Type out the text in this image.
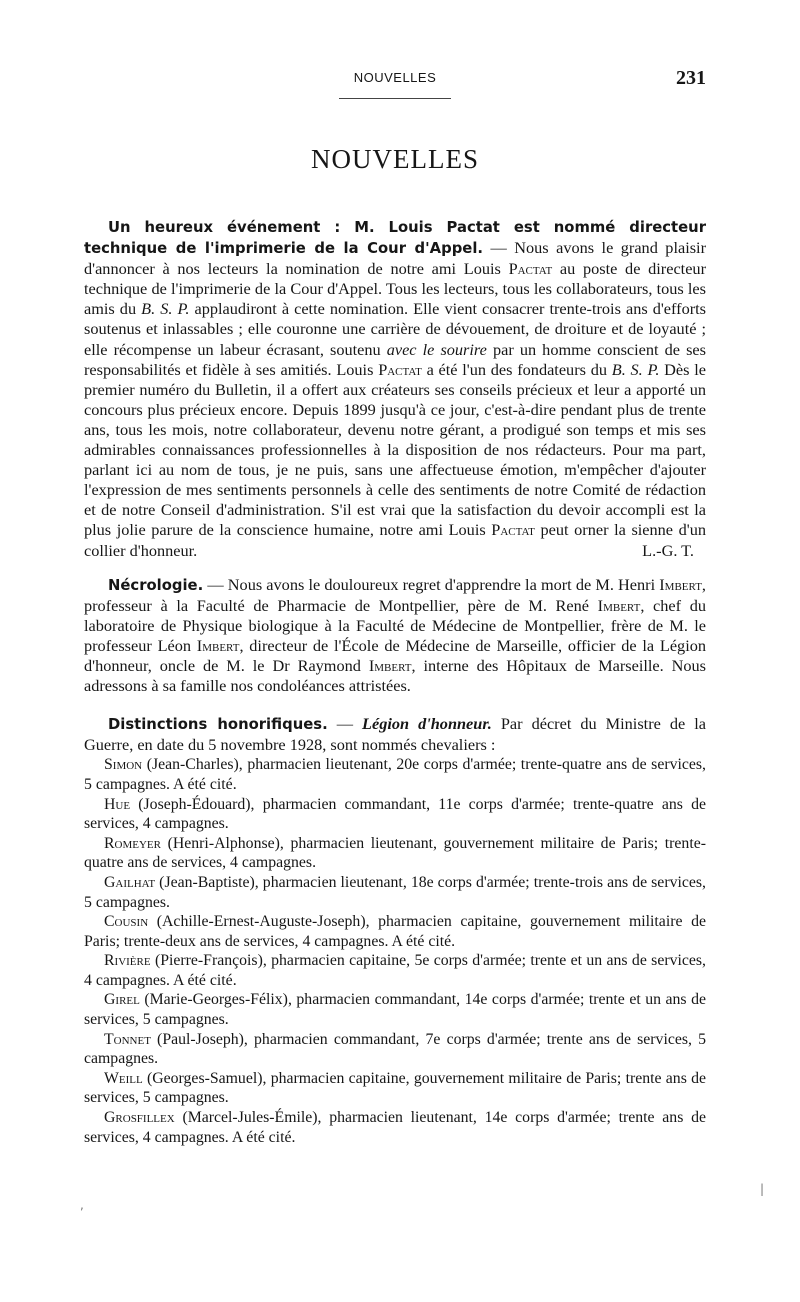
NOUVELLES	231
NOUVELLES

Un heureux événement : M. Louis Pactat est nommé directeur technique de l'imprimerie de la Cour d'Appel. — Nous avons le grand plaisir d'annoncer à nos lecteurs la nomination de notre ami Louis Pactat au poste de directeur technique de l'imprimerie de la Cour d'Appel. Tous les lecteurs, tous les collaborateurs, tous les amis du B. S. P. applaudiront à cette nomination. Elle vient consacrer trente-trois ans d'efforts soutenus et inlassables ; elle couronne une carrière de dévouement, de droiture et de loyauté ; elle récompense un labeur écrasant, soutenu avec le sourire par un homme conscient de ses responsabilités et fidèle à ses amitiés. Louis Pactat a été l'un des fondateurs du B. S. P. Dès le premier numéro du Bulletin, il a offert aux créateurs ses conseils précieux et leur a apporté un concours plus précieux encore. Depuis 1899 jusqu'à ce jour, c'est-à-dire pendant plus de trente ans, tous les mois, notre collaborateur, devenu notre gérant, a prodigué son temps et mis ses admirables connaissances professionnelles à la disposition de nos rédacteurs. Pour ma part, parlant ici au nom de tous, je ne puis, sans une affectueuse émotion, m'empêcher d'ajouter l'expression de mes sentiments personnels à celle des sentiments de notre Comité de rédaction et de notre Conseil d'administration. S'il est vrai que la satisfaction du devoir accompli est la plus jolie parure de la conscience humaine, notre ami Louis Pactat peut orner la sienne d'un collier d'honneur.	L.-G. T.

Nécrologie. — Nous avons le douloureux regret d'apprendre la mort de M. Henri Imbert, professeur à la Faculté de Pharmacie de Montpellier, père de M. René Imbert, chef du laboratoire de Physique biologique à la Faculté de Médecine de Montpellier, frère de M. le professeur Léon Imbert, directeur de l'École de Médecine de Marseille, officier de la Légion d'honneur, oncle de M. le Dr Raymond Imbert, interne des Hôpitaux de Marseille. Nous adressons à sa famille nos condoléances attristées.

Distinctions honorifiques. — Légion d'honneur. Par décret du Ministre de la Guerre, en date du 5 novembre 1928, sont nommés chevaliers :

Simon (Jean-Charles), pharmacien lieutenant, 20e corps d'armée; trente-quatre ans de services, 5 campagnes. A été cité.

Hue (Joseph-Édouard), pharmacien commandant, 11e corps d'armée; trente-quatre ans de services, 4 campagnes.

Romeyer (Henri-Alphonse), pharmacien lieutenant, gouvernement militaire de Paris; trente-quatre ans de services, 4 campagnes.

Gailhat (Jean-Baptiste), pharmacien lieutenant, 18e corps d'armée; trente-trois ans de services, 5 campagnes.

Cousin (Achille-Ernest-Auguste-Joseph), pharmacien capitaine, gouvernement militaire de Paris; trente-deux ans de services, 4 campagnes. A été cité.

Rivière (Pierre-François), pharmacien capitaine, 5e corps d'armée; trente et un ans de services, 4 campagnes. A été cité.

Girel (Marie-Georges-Félix), pharmacien commandant, 14e corps d'armée; trente et un ans de services, 5 campagnes.

Tonnet (Paul-Joseph), pharmacien commandant, 7e corps d'armée; trente ans de services, 5 campagnes.

Weill (Georges-Samuel), pharmacien capitaine, gouvernement militaire de Paris; trente ans de services, 5 campagnes.

Grosfillex (Marcel-Jules-Émile), pharmacien lieutenant, 14e corps d'armée; trente ans de services, 4 campagnes. A été cité.

,
|
